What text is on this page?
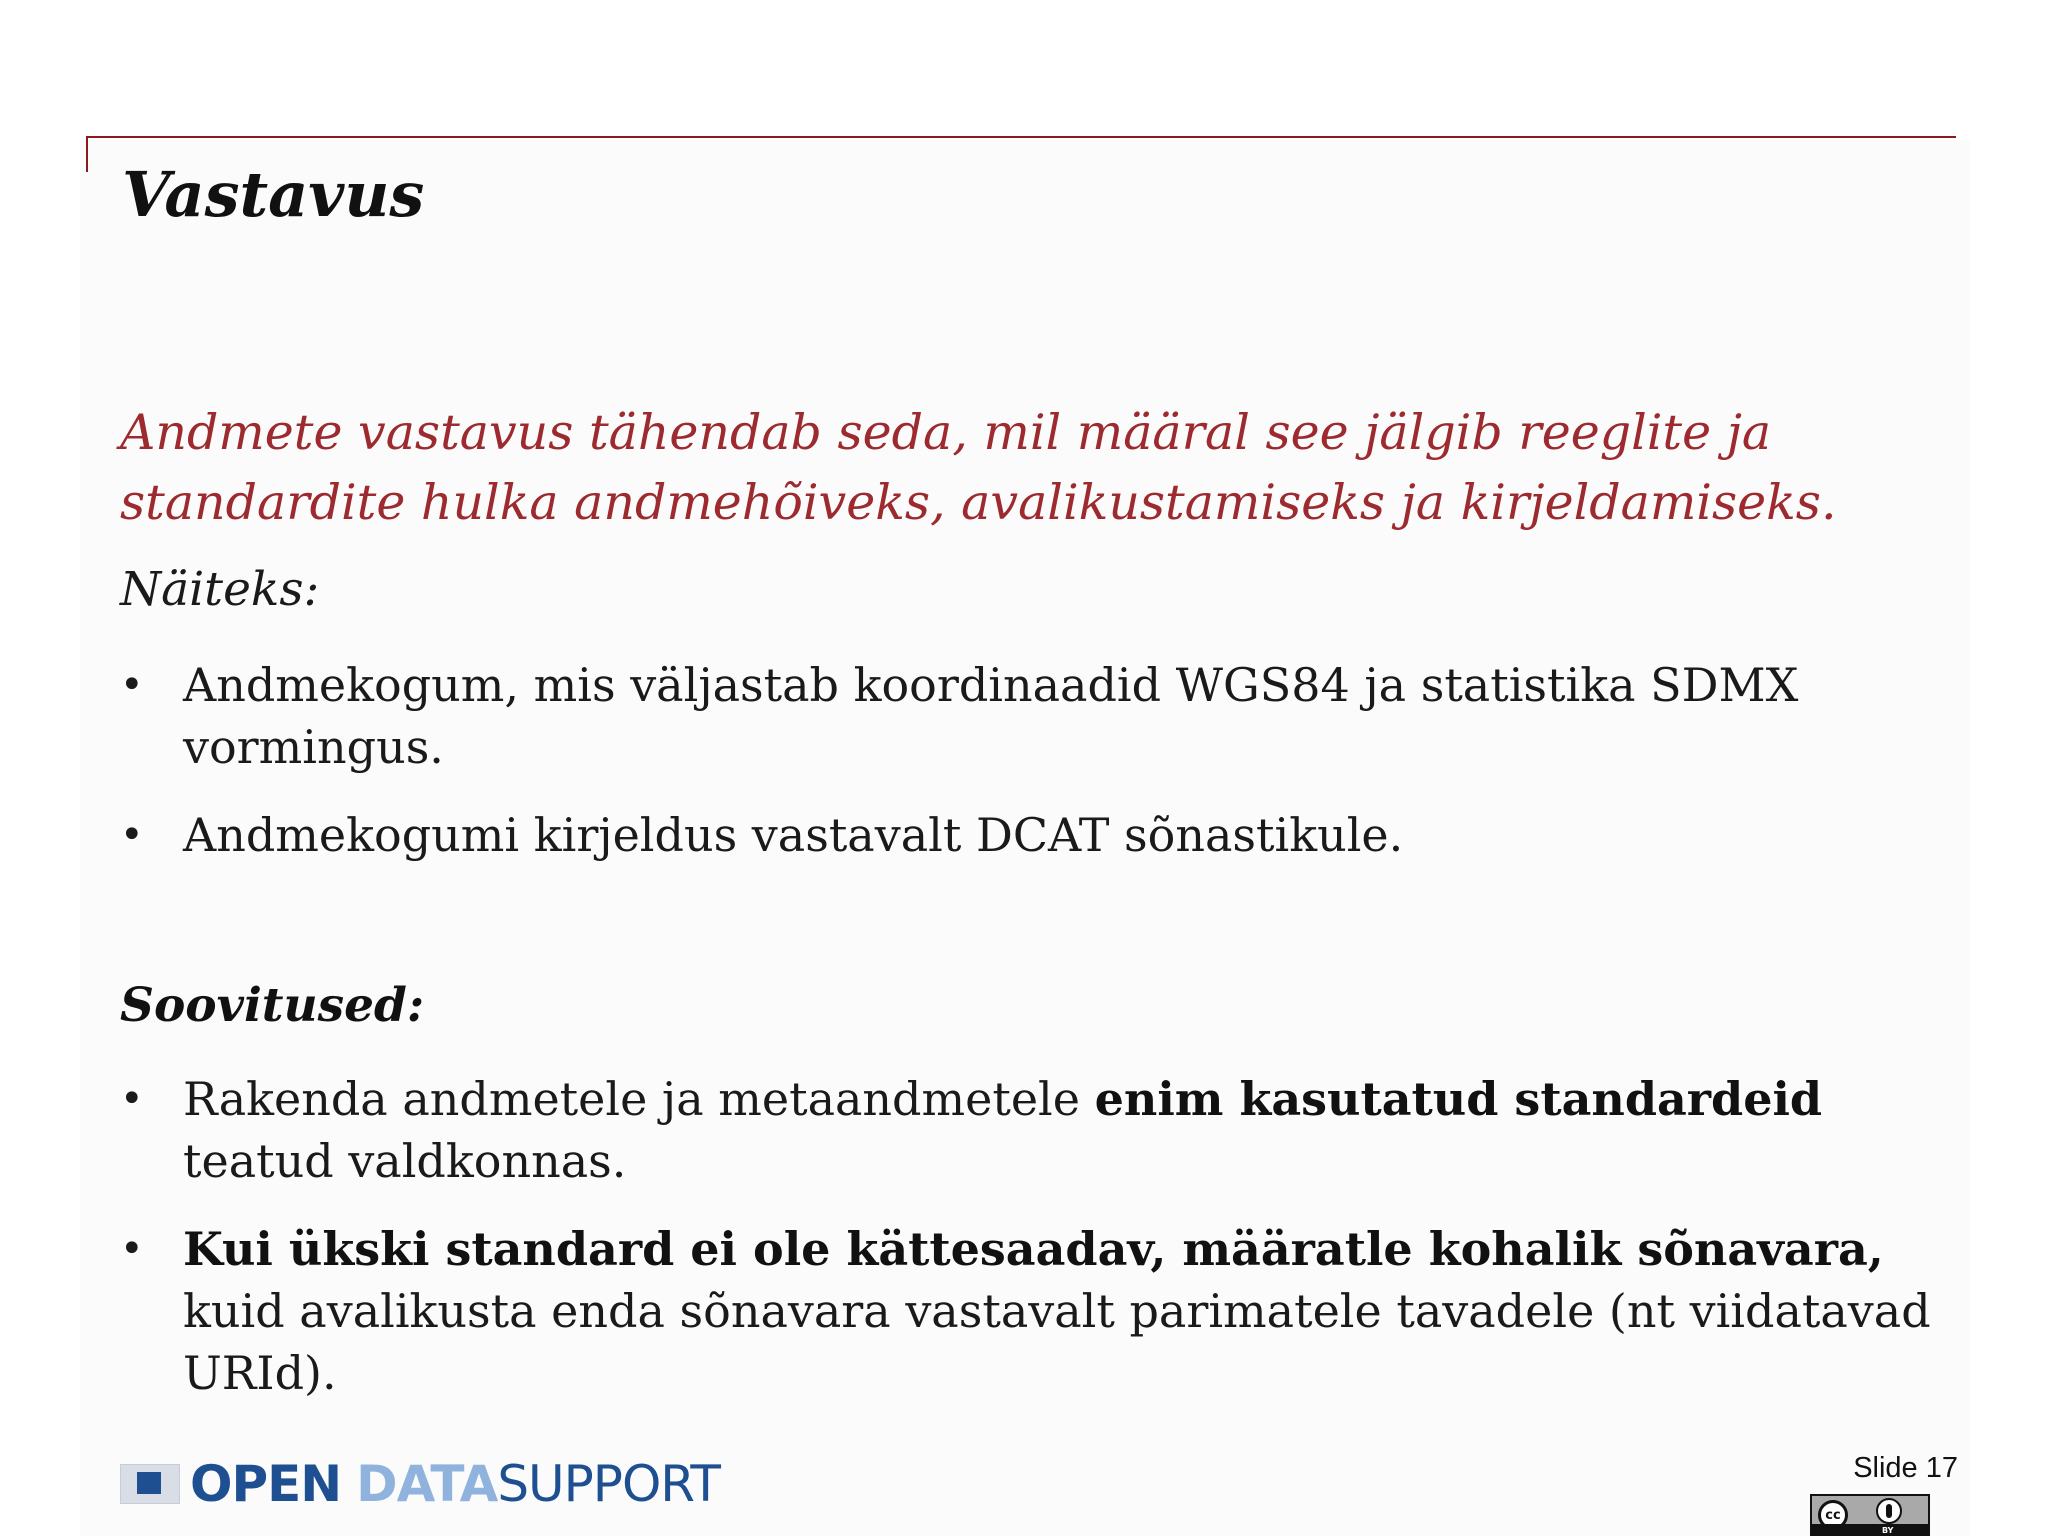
Vastavus

Andmete vastavus tähendab seda, mil määral see jälgib reeglite ja standardite hulka andmehõiveks, avalikustamiseks ja kirjeldamiseks.

Näiteks:

• Andmekogum, mis väljastab koordinaadid WGS84 ja statistika SDMX vormingus.
• Andmekogumi kirjeldus vastavalt DCAT sõnastikule.

Soovitused:

• Rakenda andmetele ja metaandmetele enim kasutatud standardeid teatud valdkonnas.
• Kui ükski standard ei ole kättesaadav, määratle kohalik sõnavara, kuid avalikusta enda sõnavara vastavalt parimatele tavadele (nt viidatavad URId).
OPEN DATASUPPORT	Slide 17
cc
BY
